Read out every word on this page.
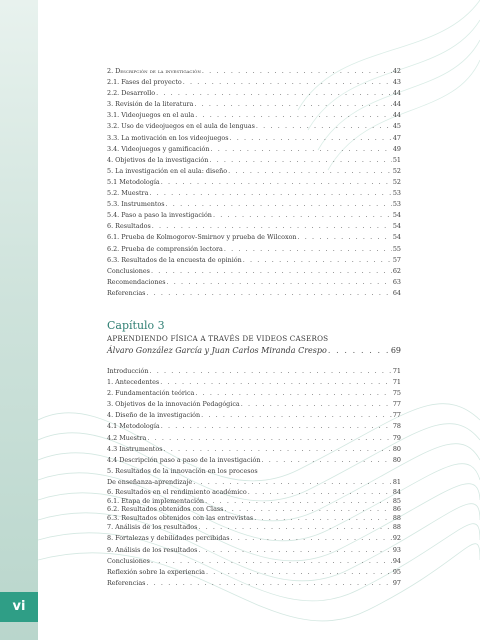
2. Descripción de la investigación . . .	42
2.1. Fases del proyecto . . .	43
2.2. Desarrollo . . .	44
3. Revisión de la literatura . . .	44
3.1. Videojuegos en el aula . . .	44
3.2. Uso de videojuegos en el aula de lenguas . . .	45
3.3. La motivación en los videojuegos . . .	47
3.4. Videojuegos y gamificación . . .	49
4. Objetivos de la investigación . . .	51
5. La investigación en el aula: diseño . . .	52
5.1 Metodología . . .	52
5.2. Muestra . . .	53
5.3. Instrumentos . . .	53
5.4. Paso a paso la investigación . . .	54
6. Resultados . . .	54
6.1. Prueba de Kolmogorov-Smirnov y prueba de Wilcoxon . . .	54
6.2. Prueba de comprensión lectora . . .	55
6.3. Resultados de la encuesta de opinión . . .	57
Conclusiones . . .	62
Recomendaciones . . .	63
Referencias . . .	64
Capítulo 3
APRENDIENDO FÍSICA A TRAVÉS DE VIDEOS CASEROS
Álvaro González García y Juan Carlos Miranda Crespo . . .	69
Introducción . . .	71
1. Antecedentes . . .	71
2. Fundamentación teórica . . .	75
3. Objetivos de la innovación Pedagógica . . .	77
4. Diseño de la investigación . . .	77
4.1 Metodología . . .	78
4.2 Muestra . . .	79
4.3 Instrumentos . . .	80
4.4 Descripción paso a paso de la investigación . . .	80
5. Resultados de la innovación en los procesos
De enseñanza-aprendizaje . . .	81
6. Resultados en el rendimiento académico . . .	84
6.1. Etapa de implementación . . .	85
6.2. Resultados obtenidos con Class . . .	86
6.3. Resultados obtenidos con las entrevistas . . .	88
7. Análisis de los resultados . . .	88
8. Fortalezas y debilidades percibidas . . .	92
9. Análisis de los resultados . . .	93
Conclusiones . . .	94
Reflexión sobre la experiencia . . .	95
Referencias . . .	97
vi
